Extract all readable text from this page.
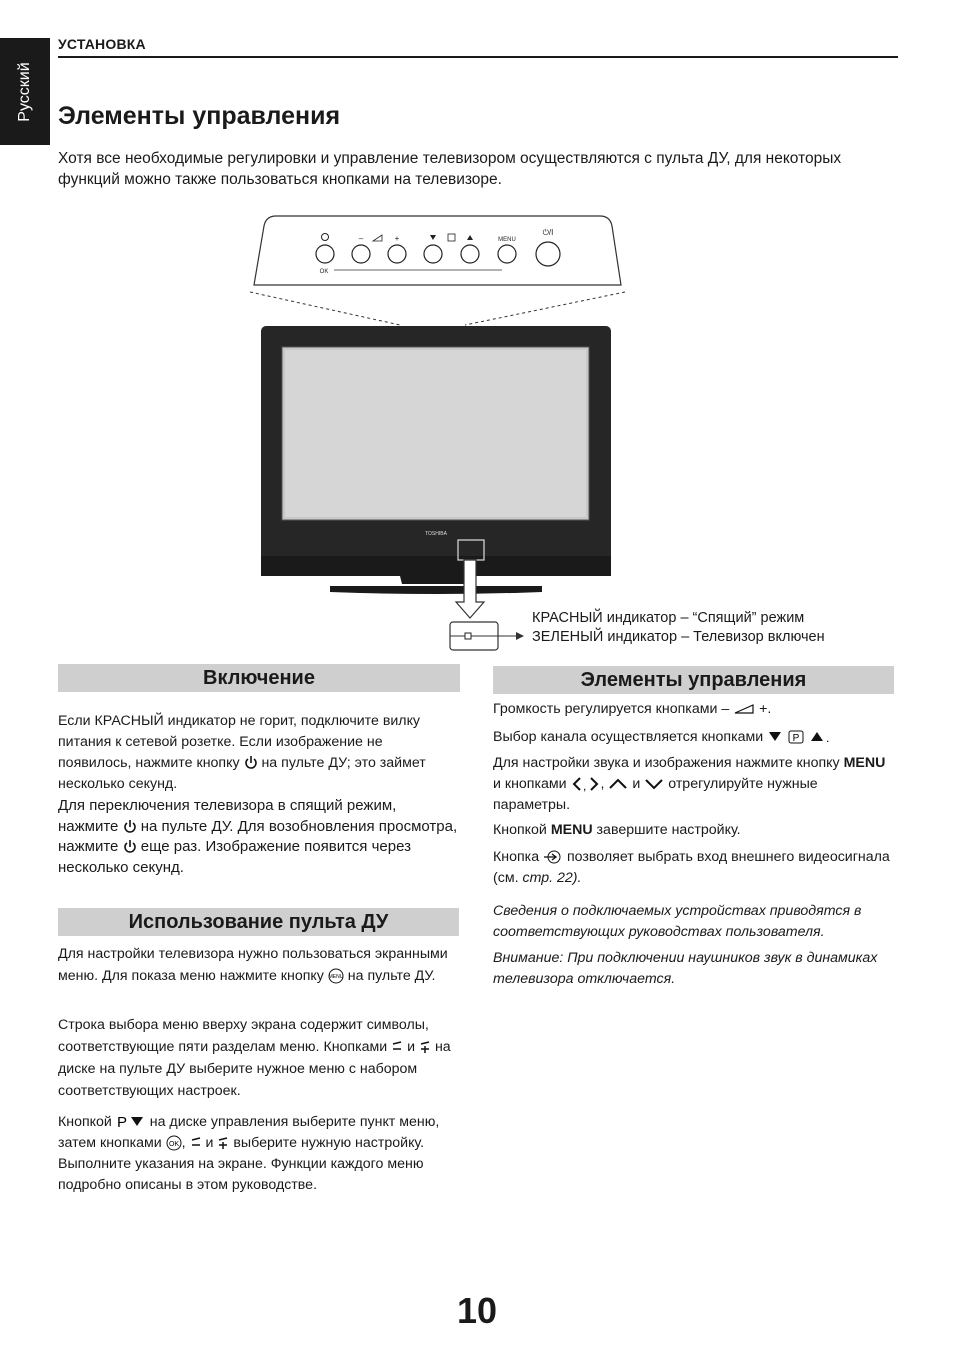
Русский
УСТАНОВКА
Элементы управления
Хотя все необходимые регулировки и управление телевизором осуществляются с пульта ДУ, для некоторых функций можно также пользоваться кнопками на телевизоре.
–	+	MENU
⏻/I
OK
TOSHIBA
КРАСНЫЙ индикатор – “Спящий” режим
ЗЕЛЕНЫЙ индикатор – Телевизор включен
Включение
Если КРАСНЫЙ индикатор не горит, подключите вилку питания к сетевой розетке. Если изображение не появилось, нажмите кнопку на пульте ДУ; это займет несколько секунд.
Для переключения телевизора в спящий режим, нажмите на пульте ДУ. Для возобновления просмотра, нажмите еще раз. Изображение появится через несколько секунд.
Использование пульта ДУ
Для настройки телевизора нужно пользоваться экранными меню. Для показа меню нажмите кнопку MENU на пульте ДУ.
Строка выбора меню вверху экрана содержит символы, соответствующие пяти разделам меню. Кнопками и на диске на пульте ДУ выберите нужное меню с набором соответствующих настроек.
Кнопкой P на диске управления выберите пункт меню, затем кнопками OK , и выберите нужную настройку. Выполните указания на экране. Функции каждого меню подробно описаны в этом руководстве.
Элементы управления
Громкость регулируется кнопками – +.
Выбор канала осуществляется кнопками	P .
Для настройки звука и изображения нажмите кнопку MENU и кнопками , , и отрегулируйте нужные параметры.
Кнопкой MENU завершите настройку.
Кнопка позволяет выбрать вход внешнего видеосигнала (см. стр. 22).
Сведения о подключаемых устройствах приводятся в соответствующих руководствах пользователя.
Внимание: При подключении наушников звук в динамиках телевизора отключается.
10
